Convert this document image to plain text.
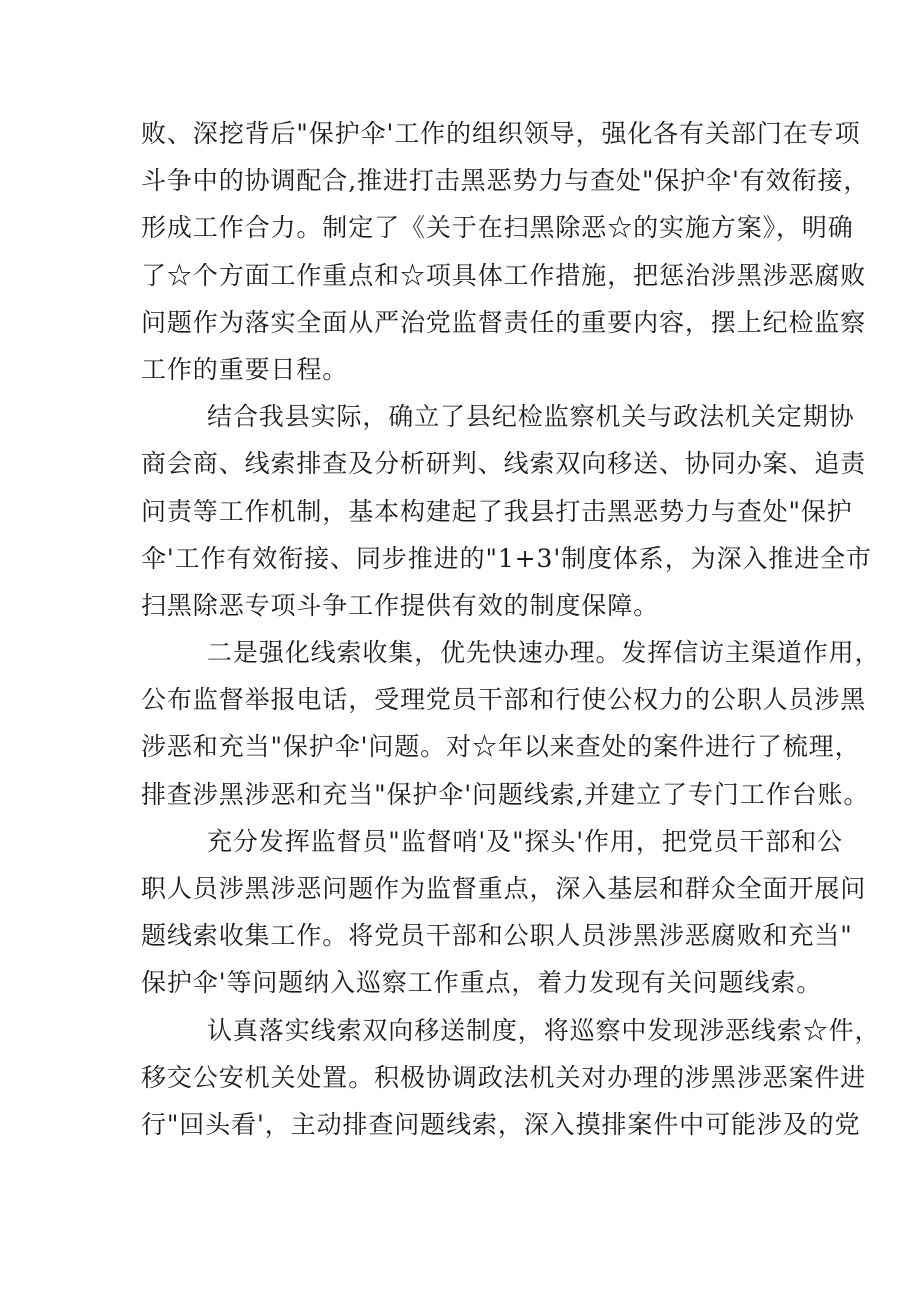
败、深挖背后"保护伞'工作的组织领导，强化各有关部门在专项
斗争中的协调配合,推进打击黑恶势力与查处"保护伞'有效衔接，
形成工作合力。制定了《关于在扫黑除恶☆的实施方案》，明确
了☆个方面工作重点和☆项具体工作措施，把惩治涉黑涉恶腐败
问题作为落实全面从严治党监督责任的重要内容，摆上纪检监察
工作的重要日程。
结合我县实际，确立了县纪检监察机关与政法机关定期协
商会商、线索排查及分析研判、线索双向移送、协同办案、追责
问责等工作机制，基本构建起了我县打击黑恶势力与查处"保护
伞'工作有效衔接、同步推进的"1+3'制度体系，为深入推进全市
扫黑除恶专项斗争工作提供有效的制度保障。
二是强化线索收集，优先快速办理。发挥信访主渠道作用，
公布监督举报电话，受理党员干部和行使公权力的公职人员涉黑
涉恶和充当"保护伞'问题。对☆年以来查处的案件进行了梳理，
排查涉黑涉恶和充当"保护伞'问题线索,并建立了专门工作台账。
充分发挥监督员"监督哨'及"探头'作用，把党员干部和公
职人员涉黑涉恶问题作为监督重点，深入基层和群众全面开展问
题线索收集工作。将党员干部和公职人员涉黑涉恶腐败和充当"
保护伞'等问题纳入巡察工作重点，着力发现有关问题线索。
认真落实线索双向移送制度，将巡察中发现涉恶线索☆件，
移交公安机关处置。积极协调政法机关对办理的涉黑涉恶案件进
行"回头看'，主动排查问题线索，深入摸排案件中可能涉及的党
